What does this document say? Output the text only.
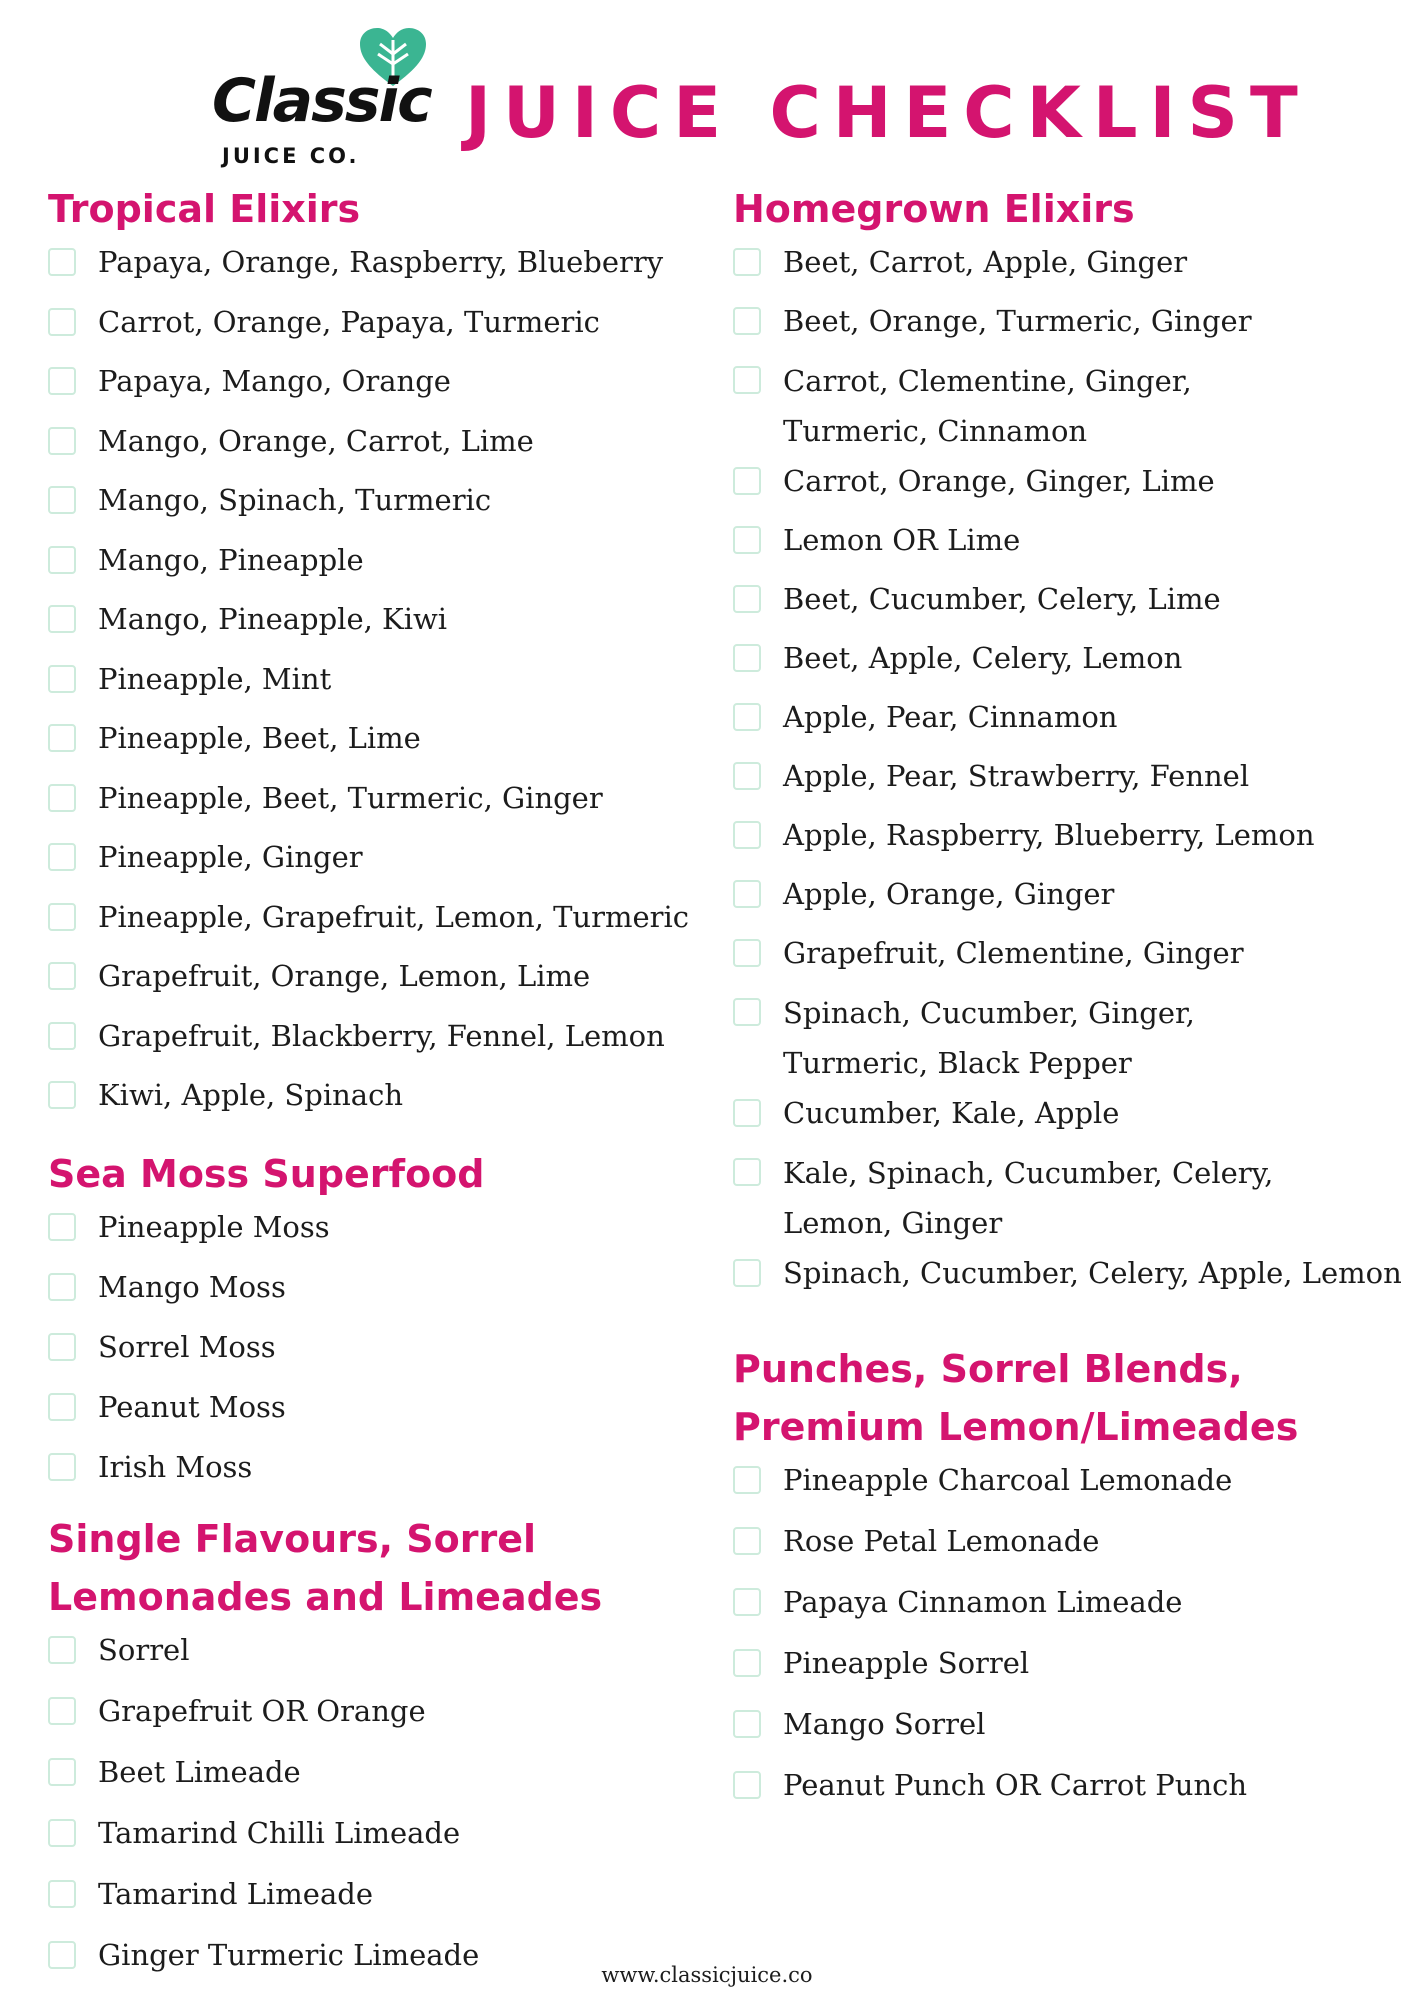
Classic
JUICE CO.
JUICE CHECKLIST
Tropical Elixirs
Papaya, Orange, Raspberry, Blueberry
Carrot, Orange, Papaya, Turmeric
Papaya, Mango, Orange
Mango, Orange, Carrot, Lime
Mango, Spinach, Turmeric
Mango, Pineapple
Mango, Pineapple, Kiwi
Pineapple, Mint
Pineapple, Beet, Lime
Pineapple, Beet, Turmeric, Ginger
Pineapple, Ginger
Pineapple, Grapefruit, Lemon, Turmeric
Grapefruit, Orange, Lemon, Lime
Grapefruit, Blackberry, Fennel, Lemon
Kiwi, Apple, Spinach
Sea Moss Superfood
Pineapple Moss
Mango Moss
Sorrel Moss
Peanut Moss
Irish Moss
Single Flavours, Sorrel Lemonades and Limeades
Sorrel
Grapefruit OR Orange
Beet Limeade
Tamarind Chilli Limeade
Tamarind Limeade
Ginger Turmeric Limeade
Homegrown Elixirs
Beet, Carrot, Apple, Ginger
Beet, Orange, Turmeric, Ginger
Carrot, Clementine, Ginger, Turmeric, Cinnamon
Carrot, Orange, Ginger, Lime
Lemon OR Lime
Beet, Cucumber, Celery, Lime
Beet, Apple, Celery, Lemon
Apple, Pear, Cinnamon
Apple, Pear, Strawberry, Fennel
Apple, Raspberry, Blueberry, Lemon
Apple, Orange, Ginger
Grapefruit, Clementine, Ginger
Spinach, Cucumber, Ginger, Turmeric, Black Pepper
Cucumber, Kale, Apple
Kale, Spinach, Cucumber, Celery, Lemon, Ginger
Spinach, Cucumber, Celery, Apple, Lemon
Punches, Sorrel Blends, Premium Lemon/Limeades
Pineapple Charcoal Lemonade
Rose Petal Lemonade
Papaya Cinnamon Limeade
Pineapple Sorrel
Mango Sorrel
Peanut Punch OR Carrot Punch
www.classicjuice.co
